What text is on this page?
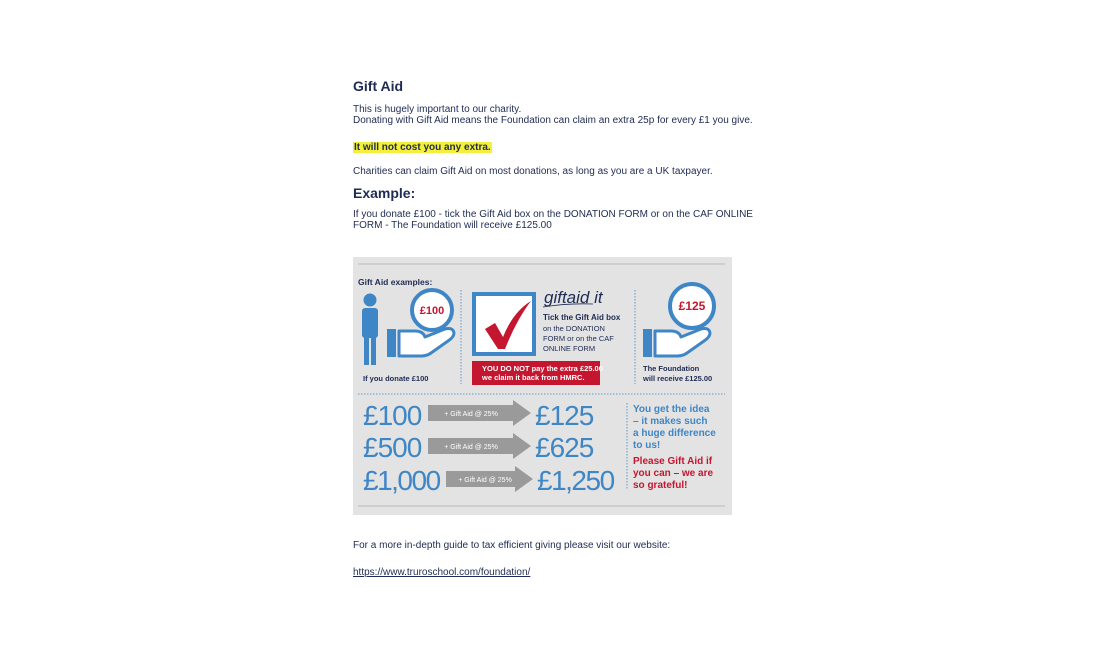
Gift Aid

This is hugely important to our charity.

Donating with Gift Aid means the Foundation can claim an extra 25p for every £1 you give.

It will not cost you any extra.

Charities can claim Gift Aid on most donations, as long as you are a UK taxpayer.

Example:

If you donate £100 - tick the Gift Aid box on the DONATION FORM or on the CAF ONLINE

FORM - The Foundation will receive £125.00

Gift Aid examples:
£100
If you donate £100
giftaid it
Tick the Gift Aid box
on the DONATION
FORM or on the CAF
ONLINE FORM
YOU DO NOT pay the extra £25.00
we claim it back from HMRC.
£125
The Foundation
will receive £125.00
£100	+ Gift Aid @ 25% £125
£500	+ Gift Aid @ 25% £625
£1,000	+ Gift Aid @ 25% £1,250
You get the idea
– it makes such
a huge difference
to us!
Please Gift Aid if
you can – we are
so grateful!

For a more in-depth guide to tax efficient giving please visit our website:

https://www.truroschool.com/foundation/
